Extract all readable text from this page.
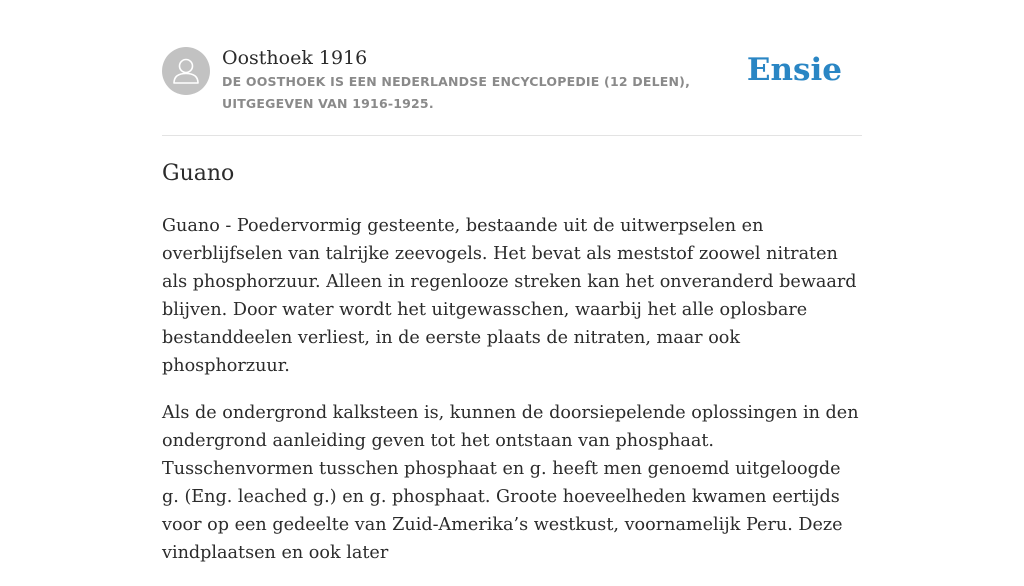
Oosthoek 1916
DE OOSTHOEK IS EEN NEDERLANDSE ENCYCLOPEDIE (12 DELEN), UITGEGEVEN VAN 1916-1925.
Ensie
Guano

Guano - Poedervormig gesteente, bestaande uit de uitwerpselen en overblijfselen van talrijke zeevogels. Het bevat als meststof zoowel nitraten als phosphorzuur. Alleen in regenlooze streken kan het onveranderd bewaard blijven. Door water wordt het uitgewasschen, waarbij het alle oplosbare bestanddeelen verliest, in de eerste plaats de nitraten, maar ook phosphorzuur.

Als de ondergrond kalksteen is, kunnen de doorsiepelende oplossingen in den ondergrond aanleiding geven tot het ontstaan van phosphaat. Tusschenvormen tusschen phosphaat en g. heeft men genoemd uitgeloogde g. (Eng. leached g.) en g. phosphaat. Groote hoeveelheden kwamen eertijds voor op een gedeelte van Zuid-Amerika’s westkust, voornamelijk Peru. Deze vindplaatsen en ook later
